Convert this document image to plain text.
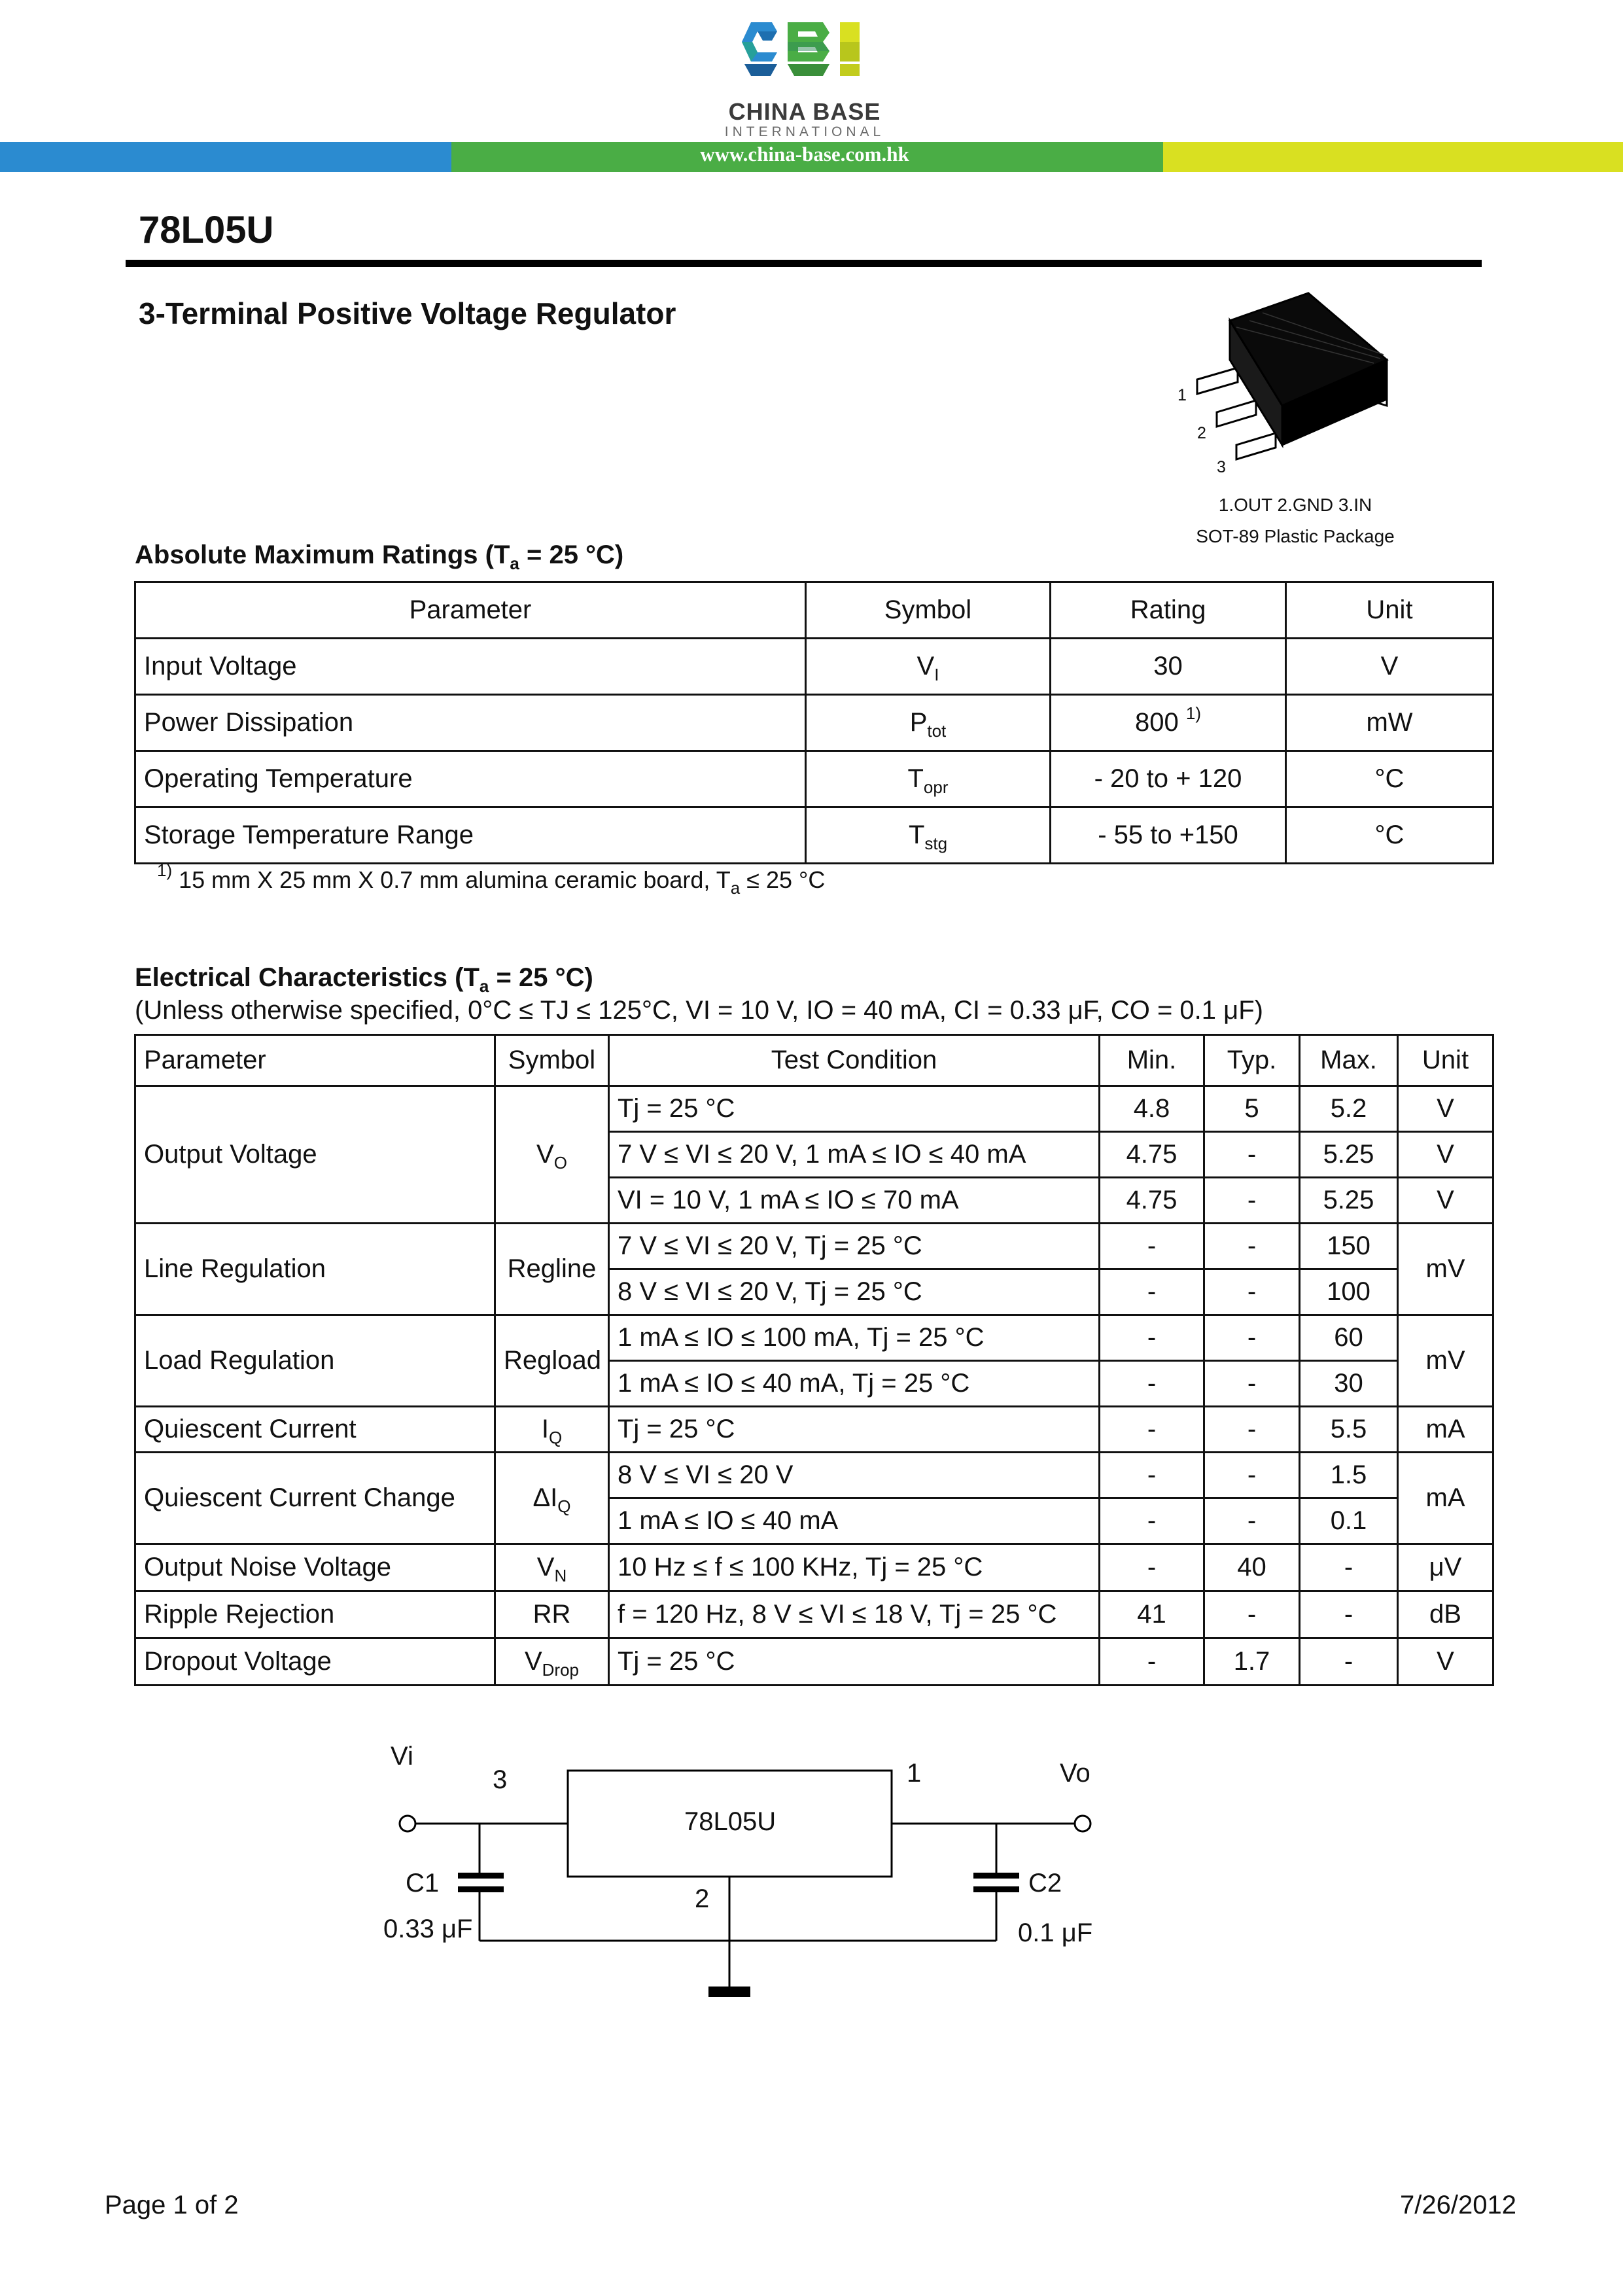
CHINA BASE
INTERNATIONAL
www.china-base.com.hk
78L05U
3-Terminal Positive Voltage Regulator
1
2
3
1.OUT 2.GND 3.IN
SOT-89 Plastic Package
Absolute Maximum Ratings ($T_a = 25$ °C)
Parameter	Symbol	Rating	Unit
Input Voltage	$V_I$	30	V
Power Dissipation	$P_{tot}$	800 $^{1)}$	mW
Operating Temperature	$T_{opr}$	- 20 to + 120	°C
Storage Temperature Range	$T_{stg}$	- 55 to +150	°C
$^{1)}$ 15 mm X 25 mm X 0.7 mm alumina ceramic board, $T_a \le 25$ °C
Electrical Characteristics ($T_a = 25$ °C)
(Unless otherwise specified, 0°C ≤ TJ ≤ 125°C, VI = 10 V, IO = 40 mA, CI = 0.33 μF, CO = 0.1 μF)
Parameter	Symbol	Test Condition	Min.	Typ.	Max.	Unit
Output Voltage	$V_O$	Tj = 25 °C	4.8	5	5.2	V
		7 V ≤ VI ≤ 20 V, 1 mA ≤ IO ≤ 40 mA	4.75	-	5.25	V
		VI = 10 V, 1 mA ≤ IO ≤ 70 mA	4.75	-	5.25	V
Line Regulation	Regline	7 V ≤ VI ≤ 20 V, Tj = 25 °C	-	-	150	mV
		8 V ≤ VI ≤ 20 V, Tj = 25 °C	-	-	100	
Load Regulation	Regload	1 mA ≤ IO ≤ 100 mA, Tj = 25 °C	-	-	60	mV
		1 mA ≤ IO ≤ 40 mA, Tj = 25 °C	-	-	30	
Quiescent Current	$I_Q$	Tj = 25 °C	-	-	5.5	mA
Quiescent Current Change	$\Delta I_Q$	8 V ≤ VI ≤ 20 V	-	-	1.5	mA
		1 mA ≤ IO ≤ 40 mA	-	-	0.1	
Output Noise Voltage	$V_N$	10 Hz ≤ f ≤ 100 KHz, Tj = 25 °C	-	40	-	μV
Ripple Rejection	RR	f = 120 Hz, 8 V ≤ VI ≤ 18 V, Tj = 25 °C	41	-	-	dB
Dropout Voltage	$V_{Drop}$	Tj = 25 °C	-	1.7	-	V
Vi
3	1	Vo
78L05U
2
C1
0.33 μF
C2
0.1 μF
Page 1 of 2	7/26/2012
